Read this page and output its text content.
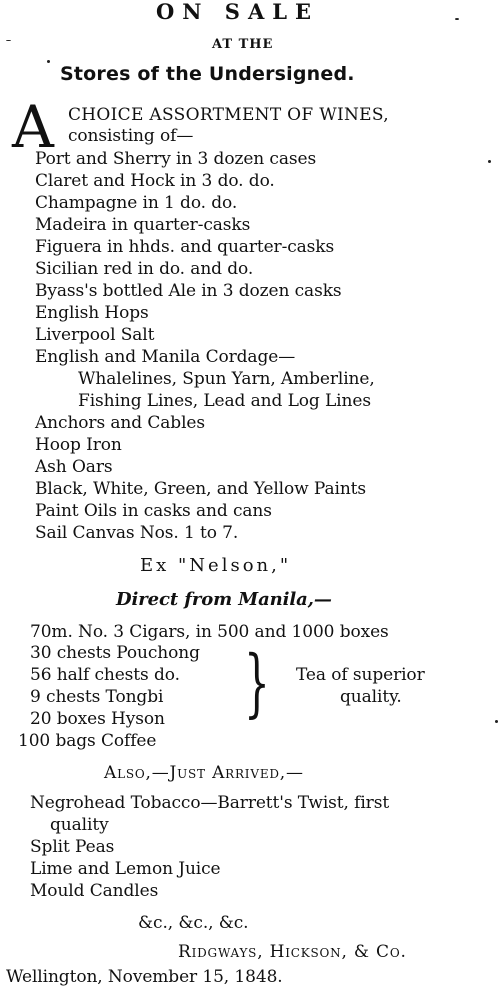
ON SALE
AT THE
Stores of the Undersigned.
A CHOICE ASSORTMENT OF WINES,
consisting of—
Port and Sherry in 3 dozen cases
Claret and Hock in 3 do. do.
Champagne in 1 do. do.
Madeira in quarter-casks
Figuera in hhds. and quarter-casks
Sicilian red in do. and do.
Byass's bottled Ale in 3 dozen casks
English Hops
Liverpool Salt
English and Manila Cordage—
Whalelines, Spun Yarn, Amberline,
Fishing Lines, Lead and Log Lines
Anchors and Cables
Hoop Iron
Ash Oars
Black, White, Green, and Yellow Paints
Paint Oils in casks and cans
Sail Canvas Nos. 1 to 7.
Ex "Nelson,"
Direct from Manila,—
70m. No. 3 Cigars, in 500 and 1000 boxes
30 chests Pouchong
56 half chests do.
9 chests Tongbi
20 boxes Hyson } Tea of superior
quality.
100 bags Coffee
Also,—Just Arrived,—
Negrohead Tobacco—Barrett's Twist, first
quality
Split Peas
Lime and Lemon Juice
Mould Candles
&c., &c., &c.
Ridgways, Hickson, & Co.
Wellington, November 15, 1848.
